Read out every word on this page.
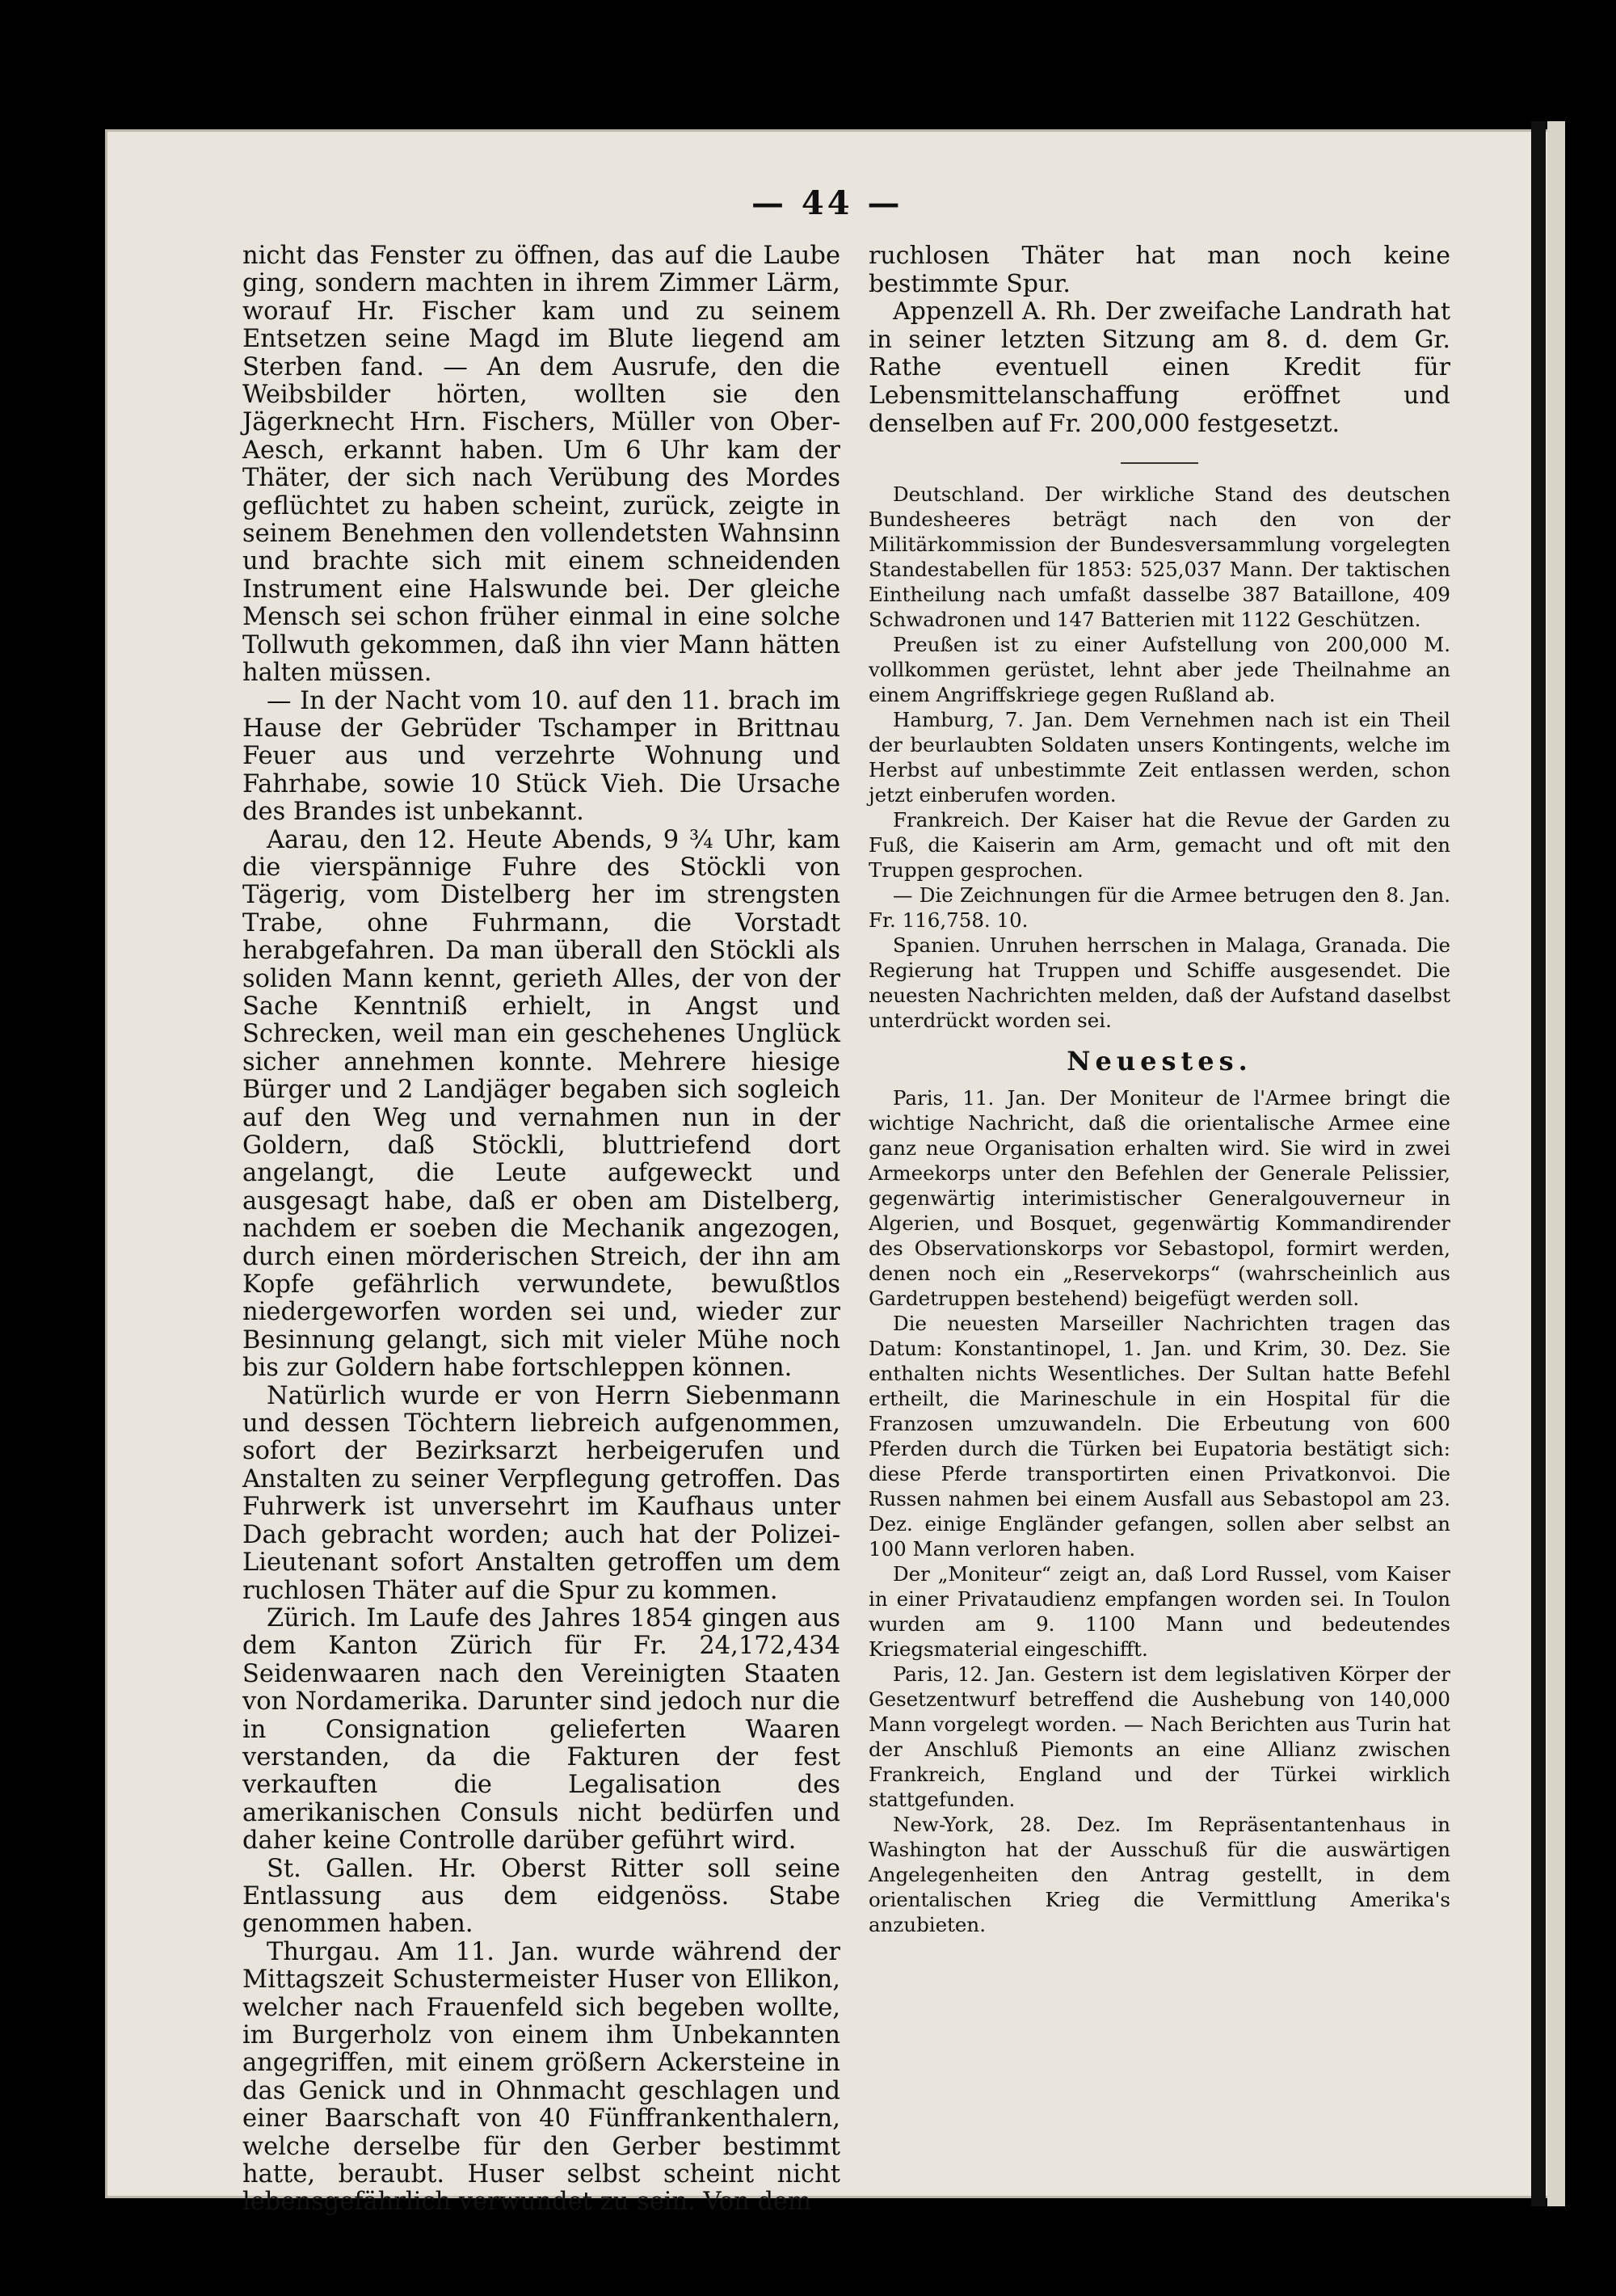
— 44 —

nicht das Fenster zu öffnen, das auf die Laube ging, sondern machten in ihrem Zimmer Lärm, worauf Hr. Fischer kam und zu seinem Entsetzen seine Magd im Blute liegend am Sterben fand. — An dem Ausrufe, den die Weibsbilder hörten, wollten sie den Jägerknecht Hrn. Fischers, Müller von Ober-Aesch, erkannt haben. Um 6 Uhr kam der Thäter, der sich nach Verübung des Mordes geflüchtet zu haben scheint, zurück, zeigte in seinem Benehmen den vollendetsten Wahnsinn und brachte sich mit einem schneidenden Instrument eine Halswunde bei. Der gleiche Mensch sei schon früher einmal in eine solche Tollwuth gekommen, daß ihn vier Mann hätten halten müssen.

— In der Nacht vom 10. auf den 11. brach im Hause der Gebrüder Tschamper in Brittnau Feuer aus und verzehrte Wohnung und Fahrhabe, sowie 10 Stück Vieh. Die Ursache des Brandes ist unbekannt.

Aarau, den 12. Heute Abends, 9 ¾ Uhr, kam die vierspännige Fuhre des Stöckli von Tägerig, vom Distelberg her im strengsten Trabe, ohne Fuhrmann, die Vorstadt herabgefahren. Da man überall den Stöckli als soliden Mann kennt, gerieth Alles, der von der Sache Kenntniß erhielt, in Angst und Schrecken, weil man ein geschehenes Unglück sicher annehmen konnte. Mehrere hiesige Bürger und 2 Landjäger begaben sich sogleich auf den Weg und vernahmen nun in der Goldern, daß Stöckli, bluttriefend dort angelangt, die Leute aufgeweckt und ausgesagt habe, daß er oben am Distelberg, nachdem er soeben die Mechanik angezogen, durch einen mörderischen Streich, der ihn am Kopfe gefährlich verwundete, bewußtlos niedergeworfen worden sei und, wieder zur Besinnung gelangt, sich mit vieler Mühe noch bis zur Goldern habe fortschleppen können.

Natürlich wurde er von Herrn Siebenmann und dessen Töchtern liebreich aufgenommen, sofort der Bezirksarzt herbeigerufen und Anstalten zu seiner Verpflegung getroffen. Das Fuhrwerk ist unversehrt im Kaufhaus unter Dach gebracht worden; auch hat der Polizei-Lieutenant sofort Anstalten getroffen um dem ruchlosen Thäter auf die Spur zu kommen.

Zürich. Im Laufe des Jahres 1854 gingen aus dem Kanton Zürich für Fr. 24,172,434 Seidenwaaren nach den Vereinigten Staaten von Nordamerika. Darunter sind jedoch nur die in Consignation gelieferten Waaren verstanden, da die Fakturen der fest verkauften die Legalisation des amerikanischen Consuls nicht bedürfen und daher keine Controlle darüber geführt wird.

St. Gallen. Hr. Oberst Ritter soll seine Entlassung aus dem eidgenöss. Stabe genommen haben.

Thurgau. Am 11. Jan. wurde während der Mittagszeit Schustermeister Huser von Ellikon, welcher nach Frauenfeld sich begeben wollte, im Burgerholz von einem ihm Unbekannten angegriffen, mit einem größern Ackersteine in das Genick und in Ohnmacht geschlagen und einer Baarschaft von 40 Fünffrankenthalern, welche derselbe für den Gerber bestimmt hatte, beraubt. Huser selbst scheint nicht lebensgefährlich verwundet zu sein. Von dem

ruchlosen Thäter hat man noch keine bestimmte Spur.

Appenzell A. Rh. Der zweifache Landrath hat in seiner letzten Sitzung am 8. d. dem Gr. Rathe eventuell einen Kredit für Lebensmittelanschaffung eröffnet und denselben auf Fr. 200,000 festgesetzt.

Deutschland. Der wirkliche Stand des deutschen Bundesheeres beträgt nach den von der Militärkommission der Bundesversammlung vorgelegten Standestabellen für 1853: 525,037 Mann. Der taktischen Eintheilung nach umfaßt dasselbe 387 Bataillone, 409 Schwadronen und 147 Batterien mit 1122 Geschützen.

Preußen ist zu einer Aufstellung von 200,000 M. vollkommen gerüstet, lehnt aber jede Theilnahme an einem Angriffskriege gegen Rußland ab.

Hamburg, 7. Jan. Dem Vernehmen nach ist ein Theil der beurlaubten Soldaten unsers Kontingents, welche im Herbst auf unbestimmte Zeit entlassen werden, schon jetzt einberufen worden.

Frankreich. Der Kaiser hat die Revue der Garden zu Fuß, die Kaiserin am Arm, gemacht und oft mit den Truppen gesprochen.

— Die Zeichnungen für die Armee betrugen den 8. Jan. Fr. 116,758. 10.

Spanien. Unruhen herrschen in Malaga, Granada. Die Regierung hat Truppen und Schiffe ausgesendet. Die neuesten Nachrichten melden, daß der Aufstand daselbst unterdrückt worden sei.

Neuestes.

Paris, 11. Jan. Der Moniteur de l'Armee bringt die wichtige Nachricht, daß die orientalische Armee eine ganz neue Organisation erhalten wird. Sie wird in zwei Armeekorps unter den Befehlen der Generale Pelissier, gegenwärtig interimistischer Generalgouverneur in Algerien, und Bosquet, gegenwärtig Kommandirender des Observationskorps vor Sebastopol, formirt werden, denen noch ein „Reservekorps“ (wahrscheinlich aus Gardetruppen bestehend) beigefügt werden soll.

Die neuesten Marseiller Nachrichten tragen das Datum: Konstantinopel, 1. Jan. und Krim, 30. Dez. Sie enthalten nichts Wesentliches. Der Sultan hatte Befehl ertheilt, die Marineschule in ein Hospital für die Franzosen umzuwandeln. Die Erbeutung von 600 Pferden durch die Türken bei Eupatoria bestätigt sich: diese Pferde transportirten einen Privatkonvoi. Die Russen nahmen bei einem Ausfall aus Sebastopol am 23. Dez. einige Engländer gefangen, sollen aber selbst an 100 Mann verloren haben.

Der „Moniteur“ zeigt an, daß Lord Russel, vom Kaiser in einer Privataudienz empfangen worden sei. In Toulon wurden am 9. 1100 Mann und bedeutendes Kriegsmaterial eingeschifft.

Paris, 12. Jan. Gestern ist dem legislativen Körper der Gesetzentwurf betreffend die Aushebung von 140,000 Mann vorgelegt worden. — Nach Berichten aus Turin hat der Anschluß Piemonts an eine Allianz zwischen Frankreich, England und der Türkei wirklich stattgefunden.

New-York, 28. Dez. Im Repräsentantenhaus in Washington hat der Ausschuß für die auswärtigen Angelegenheiten den Antrag gestellt, in dem orientalischen Krieg die Vermittlung Amerika's anzubieten.
